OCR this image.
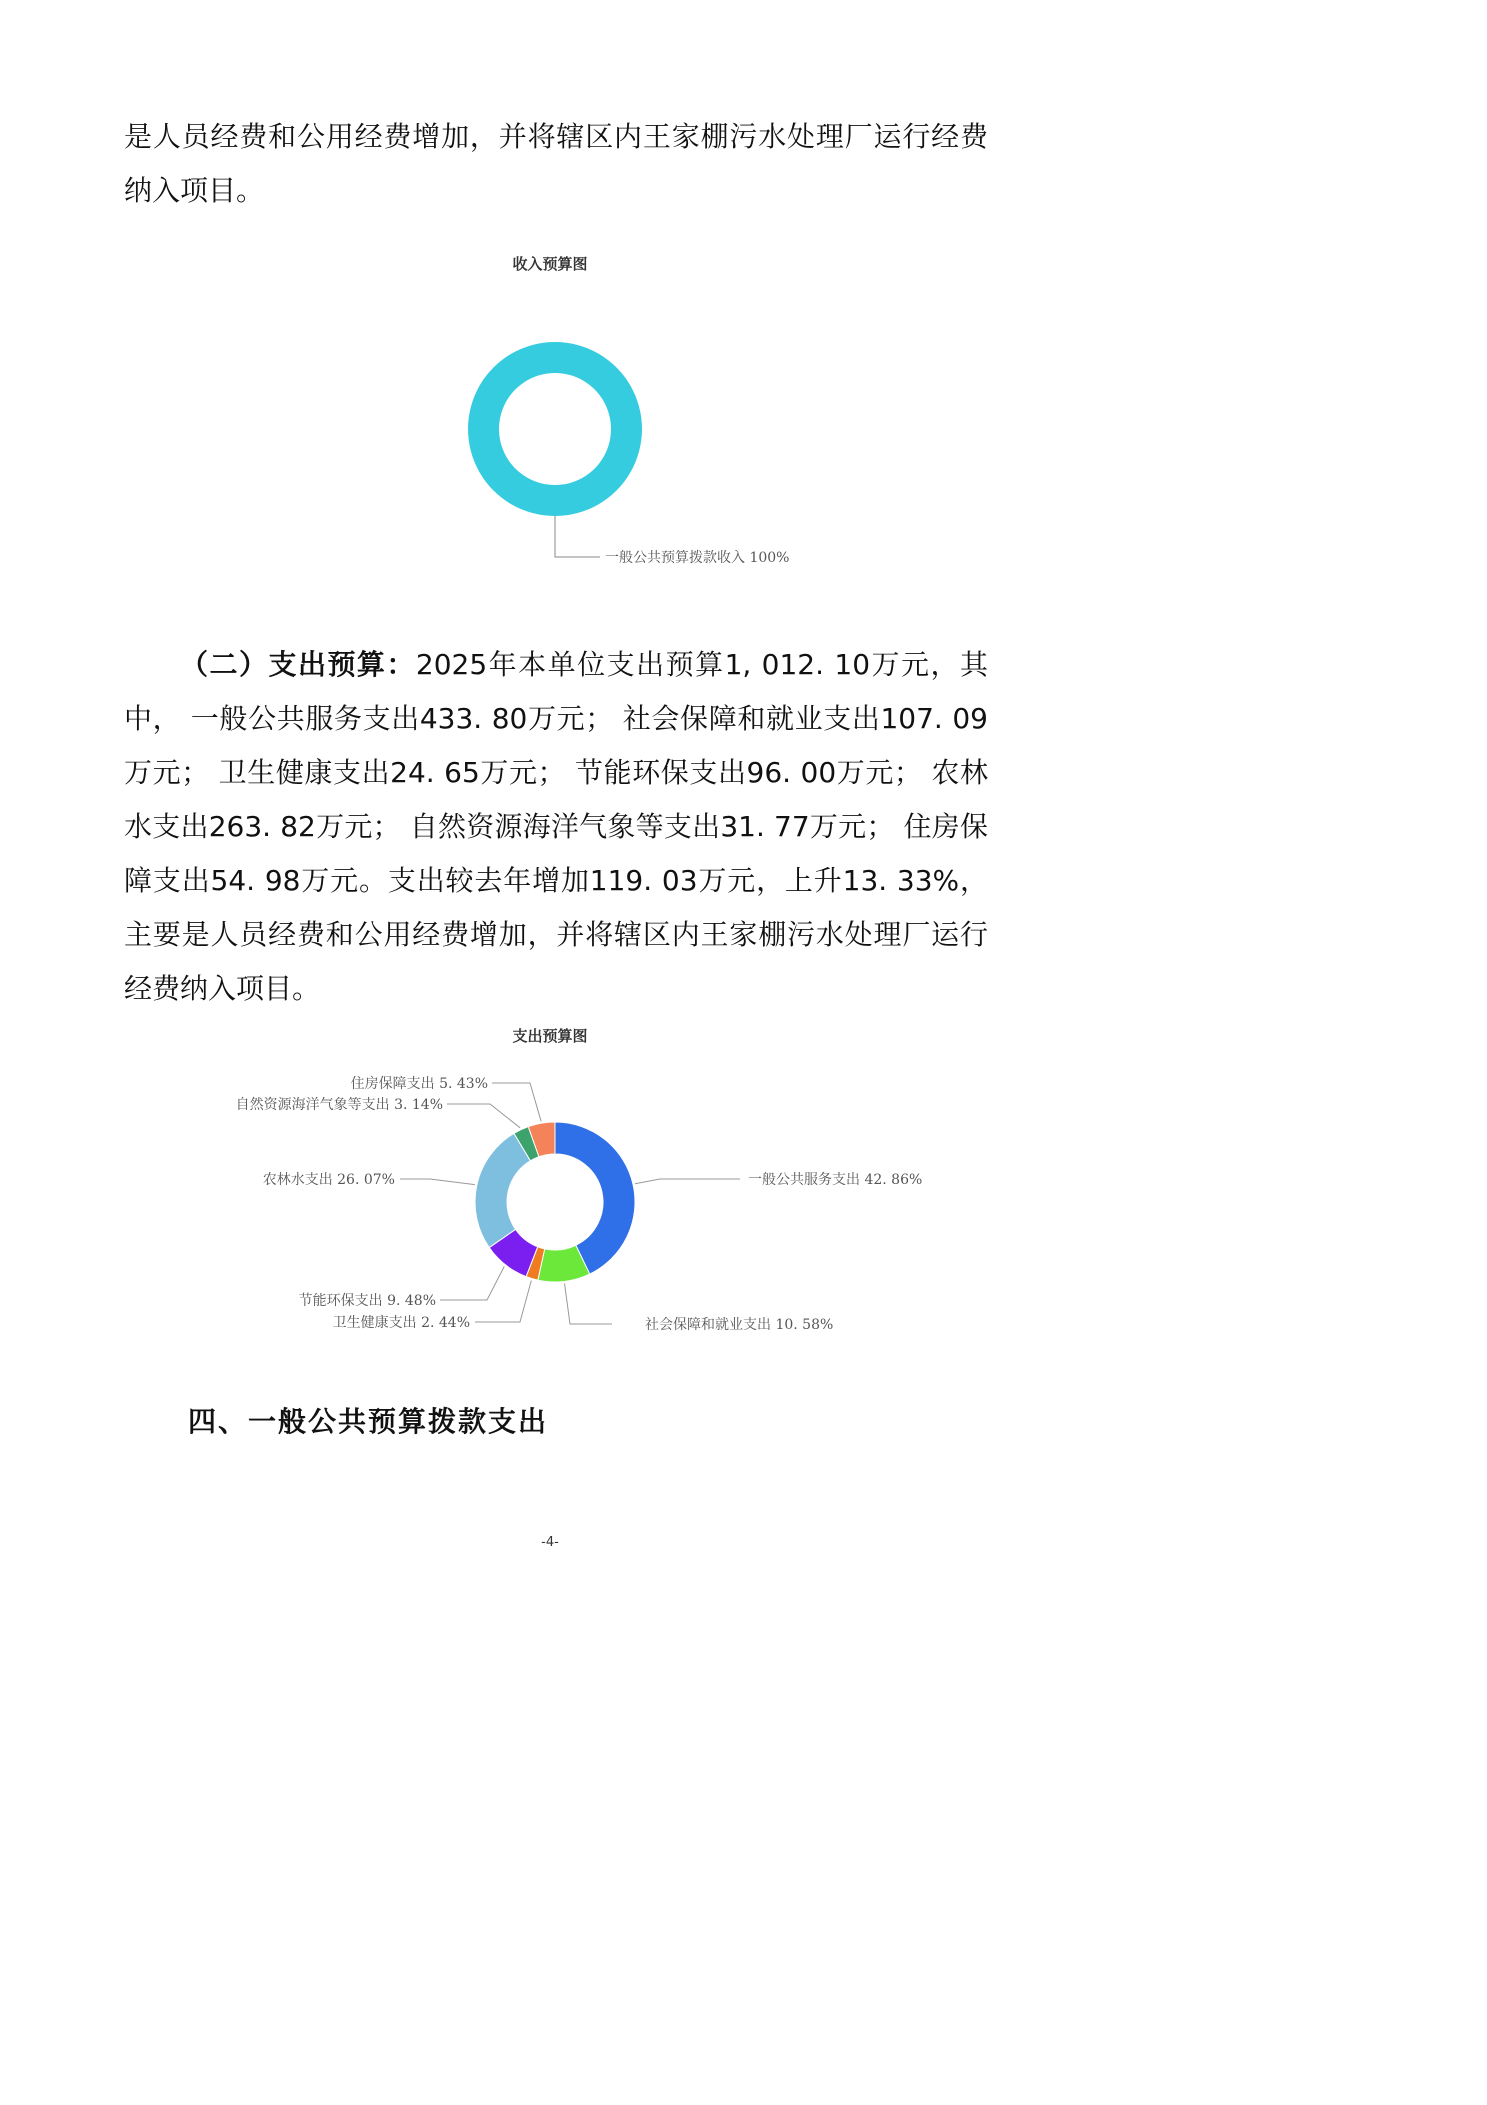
是人员经费和公用经费增加，并将辖区内王家棚污水处理厂运行经费纳入项目。

收入预算图
一般公共预算拨款收入 100%

（二）支出预算：2025年本单位支出预算1, 012. 10万元，其中， 一般公共服务支出433. 80万元； 社会保障和就业支出107. 09万元； 卫生健康支出24. 65万元； 节能环保支出96. 00万元； 农林水支出263. 82万元； 自然资源海洋气象等支出31. 77万元； 住房保障支出54. 98万元。支出较去年增加119. 03万元，上升13. 33%，主要是人员经费和公用经费增加，并将辖区内王家棚污水处理厂运行经费纳入项目。

支出预算图
一般公共服务支出 42. 86%
社会保障和就业支出 10. 58%
卫生健康支出 2. 44%
节能环保支出 9. 48%
农林水支出 26. 07%
自然资源海洋气象等支出 3. 14%
住房保障支出 5. 43%
四、一般公共预算拨款支出
-4-
